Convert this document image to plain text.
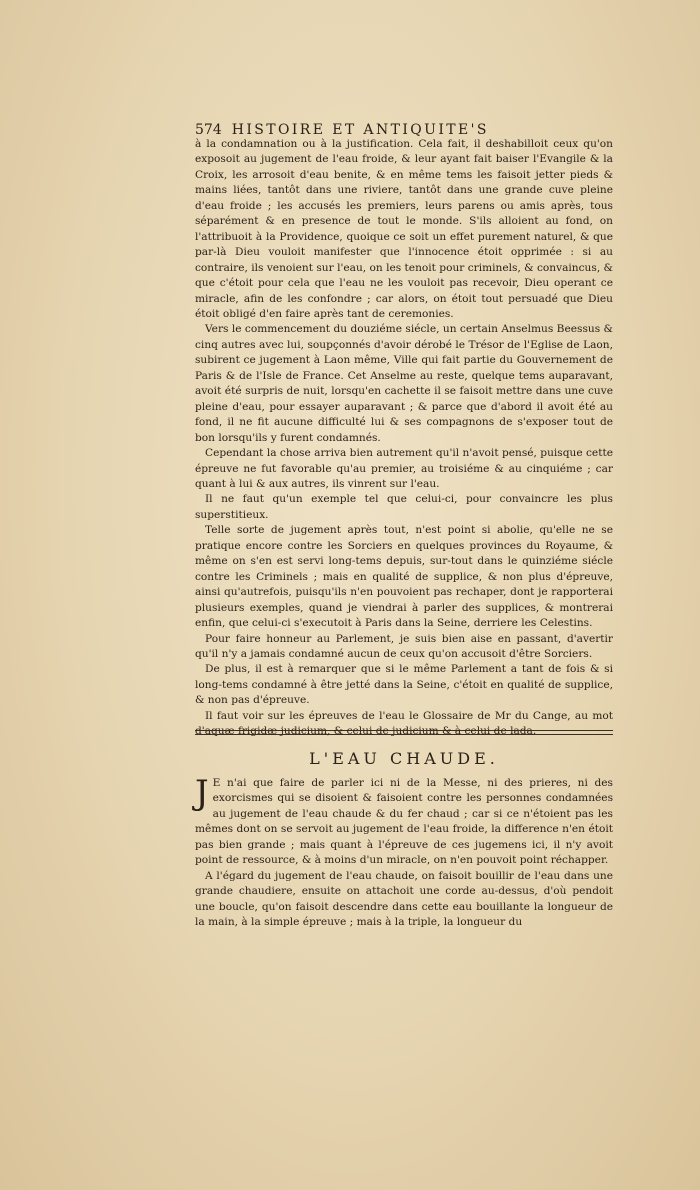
574 HISTOIRE ET ANTIQUITE'S

à la condamnation ou à la justification. Cela fait, il deshabilloit ceux qu'on exposoit au jugement de l'eau froide, & leur ayant fait baiser l'Evangile & la Croix, les arrosoit d'eau benite, & en même tems les faisoit jetter pieds & mains liées, tantôt dans une riviere, tantôt dans une grande cuve pleine d'eau froide ; les accusés les premiers, leurs parens ou amis après, tous séparément & en presence de tout le monde. S'ils alloient au fond, on l'attribuoit à la Providence, quoique ce soit un effet purement naturel, & que par-là Dieu vouloit manifester que l'innocence étoit opprimée : si au contraire, ils venoient sur l'eau, on les tenoit pour criminels, & convaincus, & que c'étoit pour cela que l'eau ne les vouloit pas recevoir, Dieu operant ce miracle, afin de les confondre ; car alors, on étoit tout persuadé que Dieu étoit obligé d'en faire après tant de ceremonies.

Vers le commencement du douziéme siécle, un certain Anselmus Beessus & cinq autres avec lui, soupçonnés d'avoir dérobé le Trésor de l'Eglise de Laon, subirent ce jugement à Laon même, Ville qui fait partie du Gouvernement de Paris & de l'Isle de France. Cet Anselme au reste, quelque tems auparavant, avoit été surpris de nuit, lorsqu'en cachette il se faisoit mettre dans une cuve pleine d'eau, pour essayer auparavant ; & parce que d'abord il avoit été au fond, il ne fit aucune difficulté lui & ses compagnons de s'exposer tout de bon lorsqu'ils y furent condamnés.

Cependant la chose arriva bien autrement qu'il n'avoit pensé, puisque cette épreuve ne fut favorable qu'au premier, au troisiéme & au cinquiéme ; car quant à lui & aux autres, ils vinrent sur l'eau.

Il ne faut qu'un exemple tel que celui-ci, pour convaincre les plus superstitieux.

Telle sorte de jugement après tout, n'est point si abolie, qu'elle ne se pratique encore contre les Sorciers en quelques provinces du Royaume, & même on s'en est servi long-tems depuis, sur-tout dans le quinziéme siécle contre les Criminels ; mais en qualité de supplice, & non plus d'épreuve, ainsi qu'autrefois, puisqu'ils n'en pouvoient pas rechaper, dont je rapporterai plusieurs exemples, quand je viendrai à parler des supplices, & montrerai enfin, que celui-ci s'executoit à Paris dans la Seine, derriere les Celestins.

Pour faire honneur au Parlement, je suis bien aise en passant, d'avertir qu'il n'y a jamais condamné aucun de ceux qu'on accusoit d'être Sorciers.

De plus, il est à remarquer que si le même Parlement a tant de fois & si long-tems condamné à être jetté dans la Seine, c'étoit en qualité de supplice, & non pas d'épreuve.

Il faut voir sur les épreuves de l'eau le Glossaire de Mr du Cange, au mot d'aquæ frigidæ judicium, & celui de judicium & à celui de lada.

L'EAU CHAUDE.

J E n'ai que faire de parler ici ni de la Messe, ni des prieres, ni des exorcismes qui se disoient & faisoient contre les personnes condamnées au jugement de l'eau chaude & du fer chaud ; car si ce n'étoient pas les mêmes dont on se servoit au jugement de l'eau froide, la difference n'en étoit pas bien grande ; mais quant à l'épreuve de ces jugemens ici, il n'y avoit point de ressource, & à moins d'un miracle, on n'en pouvoit point réchapper.

A l'égard du jugement de l'eau chaude, on faisoit bouillir de l'eau dans une grande chaudiere, ensuite on attachoit une corde au-dessus, d'où pendoit une boucle, qu'on faisoit descendre dans cette eau bouillante la longueur de la main, à la simple épreuve ; mais à la triple, la longueur du
